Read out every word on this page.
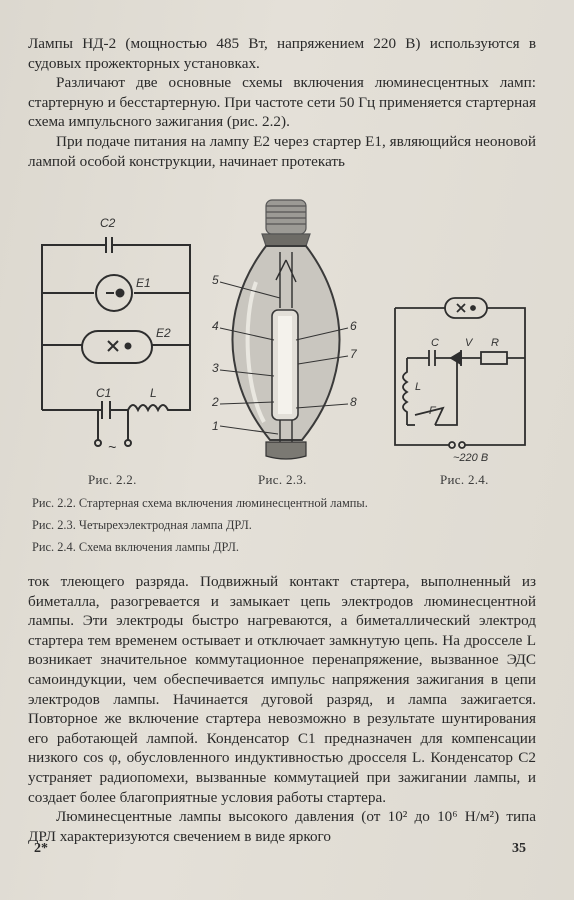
Лампы НД-2 (мощностью 485 Вт, напряжением 220 В) используются в судовых прожекторных установках.

Различают две основные схемы включения люминесцентных ламп: стартерную и бесстартерную. При частоте сети 50 Гц применяется стартерная схема импульсного зажигания (рис. 2.2).

При подаче питания на лампу E2 через стартер E1, являющийся неоновой лампой особой конструкции, начинает протекать

C2
E1
E2
C1	L
~
5
4
3
2
1
6
7
8
C V R
L
F
~220 В
Рис. 2.2.	Рис. 2.3.	Рис. 2.4.
Рис. 2.2. Стартерная схема включения люминесцентной лампы.
Рис. 2.3. Четырехэлектродная лампа ДРЛ.
Рис. 2.4. Схема включения лампы ДРЛ.

ток тлеющего разряда. Подвижный контакт стартера, выполненный из биметалла, разогревается и замыкает цепь электродов люминесцентной лампы. Эти электроды быстро нагреваются, а биметаллический электрод стартера тем временем остывает и отключает замкнутую цепь. На дросселе L возникает значительное коммутационное перенапряжение, вызванное ЭДС самоиндукции, чем обеспечивается импульс напряжения зажигания в цепи электродов лампы. Начинается дуговой разряд, и лампа зажигается. Повторное же включение стартера невозможно в результате шунтирования его работающей лампой. Конденсатор C1 предназначен для компенсации низкого cos φ, обусловленного индуктивностью дросселя L. Конденсатор C2 устраняет радиопомехи, вызванные коммутацией при зажигании лампы, и создает более благоприятные условия работы стартера.

Люминесцентные лампы высокого давления (от 10² до 10⁶ Н/м²) типа ДРЛ характеризуются свечением в виде яркого

2*	35
